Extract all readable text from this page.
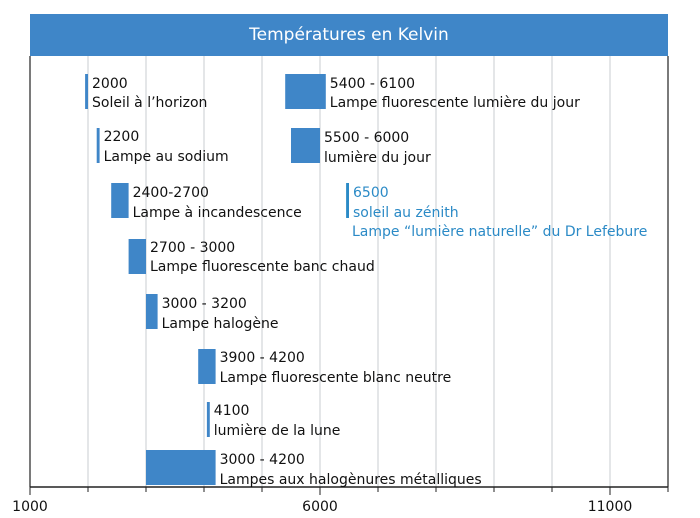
Températures en Kelvin
1000	6000	11000
2000
Soleil à l’horizon
2200
Lampe au sodium
2400-2700
Lampe à incandescence
2700 - 3000
Lampe fluorescente banc chaud
3000 - 3200
Lampe halogène
3900 - 4200
Lampe fluorescente blanc neutre
4100
lumière de la lune
3000 - 4200
Lampes aux halogènures métalliques
5400 - 6100
Lampe fluorescente lumière du jour
5500 - 6000
lumière du jour
6500
soleil au zénith
Lampe “lumière naturelle” du Dr Lefebure
